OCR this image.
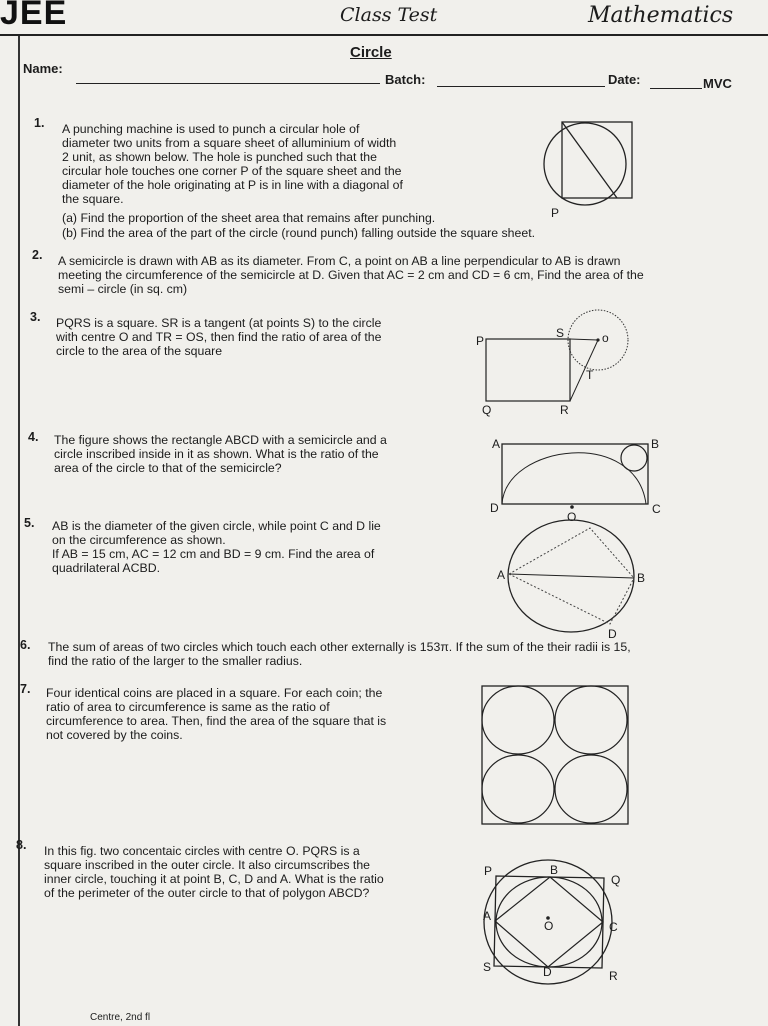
JEE	Class Test	Mathematics
Circle
Name:
Batch:	Date:	MVC
1. A punching machine is used to punch a circular hole of
diameter two units from a square sheet of alluminium of width
2 unit, as shown below. The hole is punched such that the
circular hole touches one corner P of the square sheet and the
diameter of the hole originating at P is in line with a diagonal of
the square.
(a) Find the proportion of the sheet area that remains after punching.
(b) Find the area of the part of the circle (round punch) falling outside the square sheet.
P
2. A semicircle is drawn with AB as its diameter. From C, a point on AB a line perpendicular to AB is drawn
meeting the circumference of the semicircle at D. Given that AC = 2 cm and CD = 6 cm, Find the area of the
semi – circle (in sq. cm)
3. PQRS is a square. SR is a tangent (at points S) to the circle
with centre O and TR = OS, then find the ratio of area of the
circle to the area of the square
P
S	o
T
Q	R
4. The figure shows the rectangle ABCD with a semicircle and a
circle inscribed inside in it as shown. What is the ratio of the
area of the circle to that of the semicircle?
A	B
D	C
O
5. AB is the diameter of the given circle, while point C and D lie
on the circumference as shown.
If AB = 15 cm, AC = 12 cm and BD = 9 cm. Find the area of
quadrilateral ACBD.	A	B
D
6. The sum of areas of two circles which touch each other externally is 153π. If the sum of the their radii is 15,
find the ratio of the larger to the smaller radius.
7. Four identical coins are placed in a square. For each coin; the
ratio of area to circumference is same as the ratio of
circumference to area. Then, find the area of the square that is
not covered by the coins.
8. In this fig. two concentaic circles with centre O. PQRS is a
square inscribed in the outer circle. It also circumscribes the
inner circle, touching it at point B, C, D and A. What is the ratio
of the perimeter of the outer circle to that of polygon ABCD?
P	B
Q
A
O	C
S	D	R
Centre, 2nd fl
